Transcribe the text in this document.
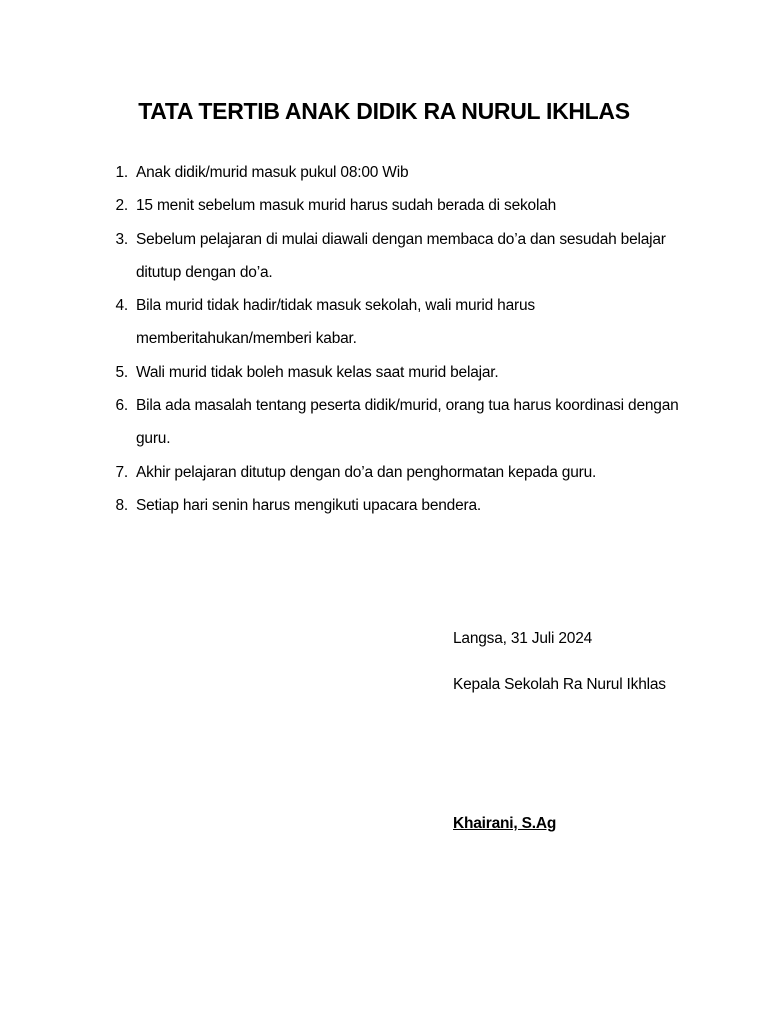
TATA TERTIB ANAK DIDIK RA NURUL IKHLAS
1. Anak didik/murid masuk pukul 08:00 Wib
2. 15 menit sebelum masuk murid harus sudah berada di sekolah
3. Sebelum pelajaran di mulai diawali dengan membaca do’a dan sesudah belajar ditutup dengan do’a.
4. Bila murid tidak hadir/tidak masuk sekolah, wali murid harus memberitahukan/memberi kabar.
5. Wali murid tidak boleh masuk kelas saat murid belajar.
6. Bila ada masalah tentang peserta didik/murid, orang tua harus koordinasi dengan guru.
7. Akhir pelajaran ditutup dengan do’a dan penghormatan kepada guru.
8. Setiap hari senin harus mengikuti upacara bendera.
Langsa, 31 Juli 2024
Kepala Sekolah Ra Nurul Ikhlas
Khairani, S.Ag
